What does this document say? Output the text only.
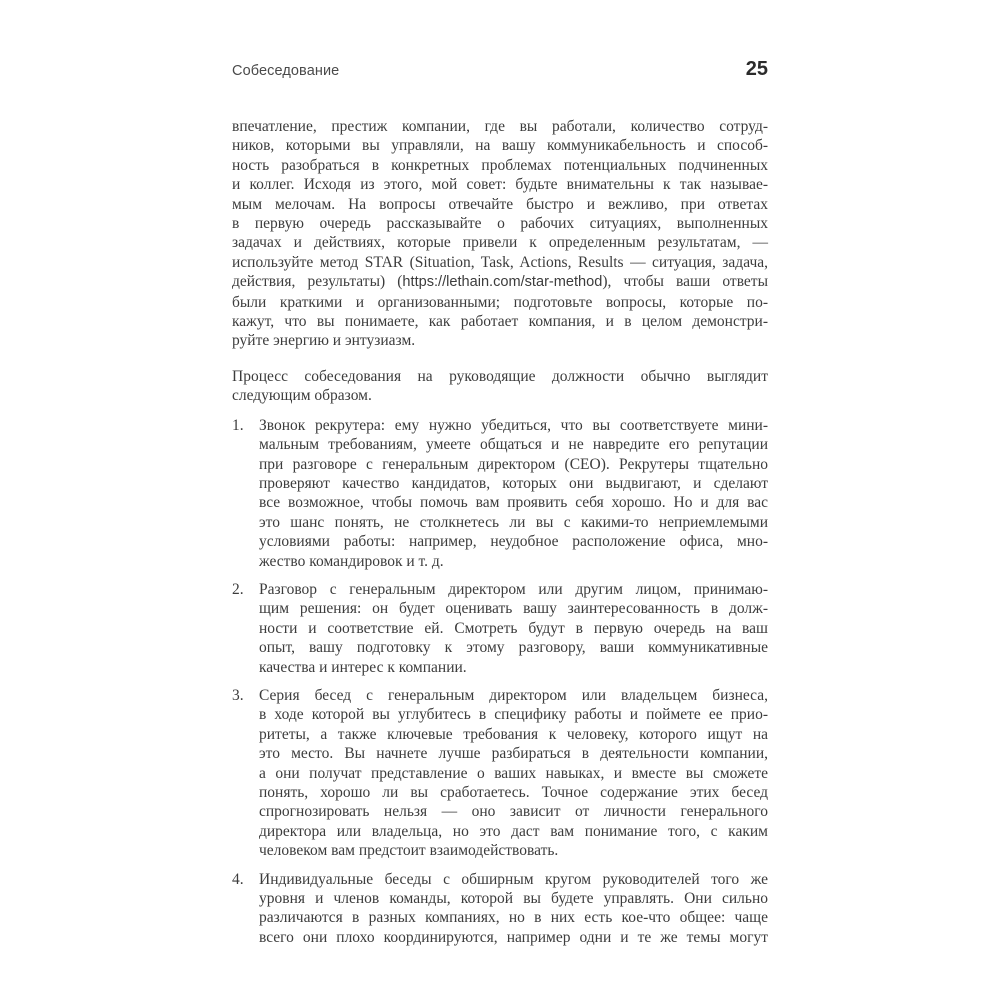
Собеседование	25
впечатление, престиж компании, где вы работали, количество сотруд-
ников, которыми вы управляли, на вашу коммуникабельность и способ-
ность разобраться в конкретных проблемах потенциальных подчиненных
и коллег. Исходя из этого, мой совет: будьте внимательны к так называе-
мым мелочам. На вопросы отвечайте быстро и вежливо, при ответах
в первую очередь рассказывайте о рабочих ситуациях, выполненных
задачах и действиях, которые привели к определенным результатам, —
используйте метод STAR (Situation, Task, Actions, Results — ситуация, задача,
действия, результаты) (https://lethain.com/star-method), чтобы ваши ответы
были краткими и организованными; подготовьте вопросы, которые по-
кажут, что вы понимаете, как работает компания, и в целом демонстри-
руйте энергию и энтузиазм.
Процесс собеседования на руководящие должности обычно выглядит
следующим образом.
1. Звонок рекрутера: ему нужно убедиться, что вы соответствуете мини-
мальным требованиям, умеете общаться и не навредите его репутации
при разговоре с генеральным директором (CEO). Рекрутеры тщательно
проверяют качество кандидатов, которых они выдвигают, и сделают
все возможное, чтобы помочь вам проявить себя хорошо. Но и для вас
это шанс понять, не столкнетесь ли вы с какими-то неприемлемыми
условиями работы: например, неудобное расположение офиса, мно-
жество командировок и т. д.
2. Разговор с генеральным директором или другим лицом, принимаю-
щим решения: он будет оценивать вашу заинтересованность в долж-
ности и соответствие ей. Смотреть будут в первую очередь на ваш
опыт, вашу подготовку к этому разговору, ваши коммуникативные
качества и интерес к компании.
3. Серия бесед с генеральным директором или владельцем бизнеса,
в ходе которой вы углубитесь в специфику работы и поймете ее прио-
ритеты, а также ключевые требования к человеку, которого ищут на
это место. Вы начнете лучше разбираться в деятельности компании,
а они получат представление о ваших навыках, и вместе вы сможете
понять, хорошо ли вы сработаетесь. Точное содержание этих бесед
спрогнозировать нельзя — оно зависит от личности генерального
директора или владельца, но это даст вам понимание того, с каким
человеком вам предстоит взаимодействовать.
4. Индивидуальные беседы с обширным кругом руководителей того же
уровня и членов команды, которой вы будете управлять. Они сильно
различаются в разных компаниях, но в них есть кое-что общее: чаще
всего они плохо координируются, например одни и те же темы могут
